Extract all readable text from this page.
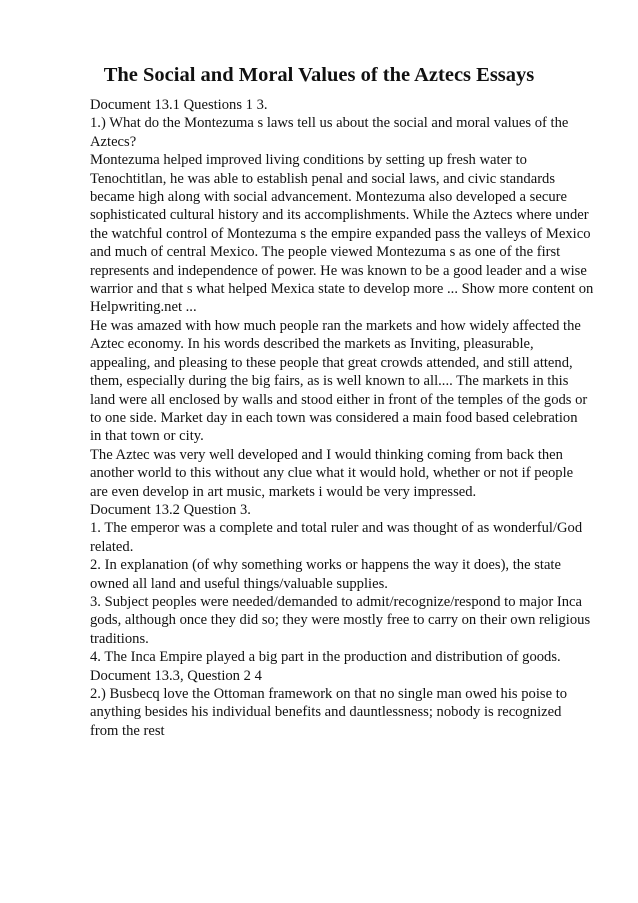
The Social and Moral Values of the Aztecs Essays

Document 13.1 Questions 1 3.

1.) What do the Montezuma s laws tell us about the social and moral values of the

Aztecs?

Montezuma helped improved living conditions by setting up fresh water to

Tenochtitlan, he was able to establish penal and social laws, and civic standards

became high along with social advancement. Montezuma also developed a secure

sophisticated cultural history and its accomplishments. While the Aztecs where under

the watchful control of Montezuma s the empire expanded pass the valleys of Mexico

and much of central Mexico. The people viewed Montezuma s as one of the first

represents and independence of power. He was known to be a good leader and a wise

warrior and that s what helped Mexica state to develop more ... Show more content on

Helpwriting.net ...

He was amazed with how much people ran the markets and how widely affected the

Aztec economy. In his words described the markets as Inviting, pleasurable,

appealing, and pleasing to these people that great crowds attended, and still attend,

them, especially during the big fairs, as is well known to all.... The markets in this

land were all enclosed by walls and stood either in front of the temples of the gods or

to one side. Market day in each town was considered a main food based celebration

in that town or city.

The Aztec was very well developed and I would thinking coming from back then

another world to this without any clue what it would hold, whether or not if people

are even develop in art music, markets i would be very impressed.

Document 13.2 Question 3.

1. The emperor was a complete and total ruler and was thought of as wonderful/God

related.

2. In explanation (of why something works or happens the way it does), the state

owned all land and useful things/valuable supplies.

3. Subject peoples were needed/demanded to admit/recognize/respond to major Inca

gods, although once they did so; they were mostly free to carry on their own religious

traditions.

4. The Inca Empire played a big part in the production and distribution of goods.

Document 13.3, Question 2 4

2.) Busbecq love the Ottoman framework on that no single man owed his poise to

anything besides his individual benefits and dauntlessness; nobody is recognized

from the rest
